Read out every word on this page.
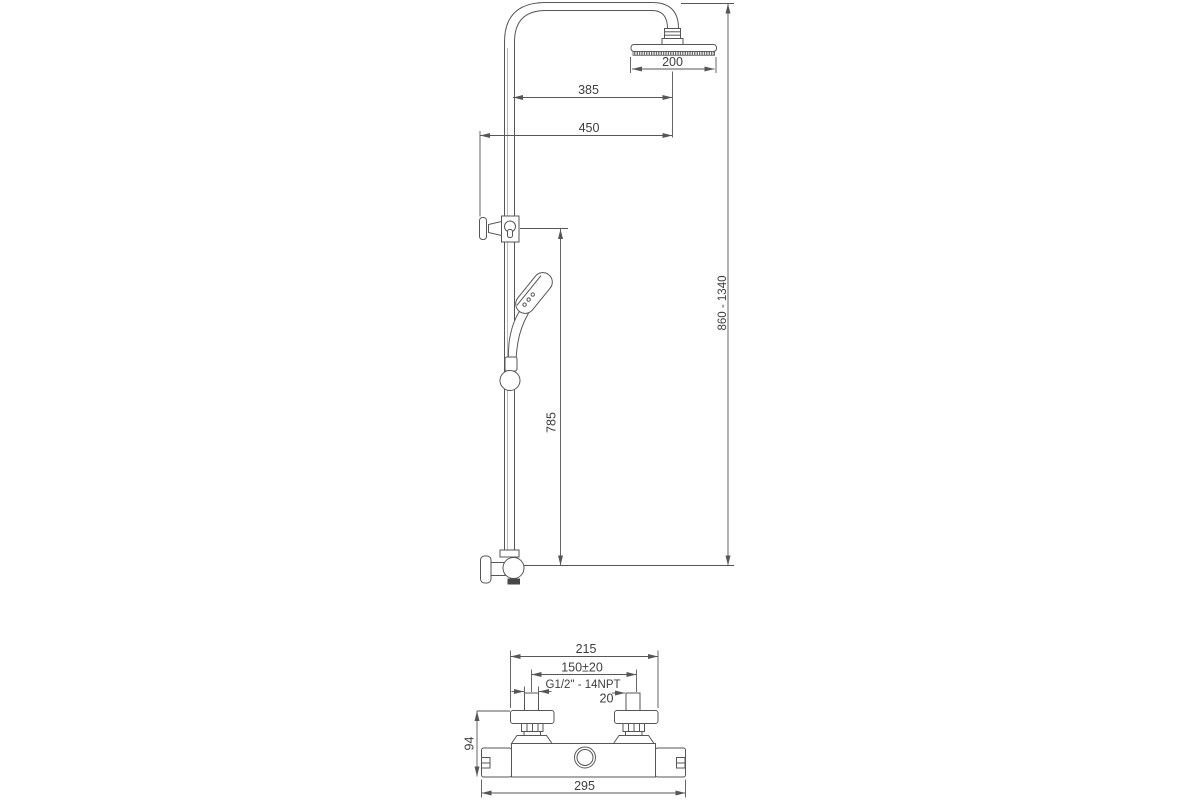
200
385
450
785
860 - 1340
215
150±20
G1/2" - 14NPT
20
94
295
